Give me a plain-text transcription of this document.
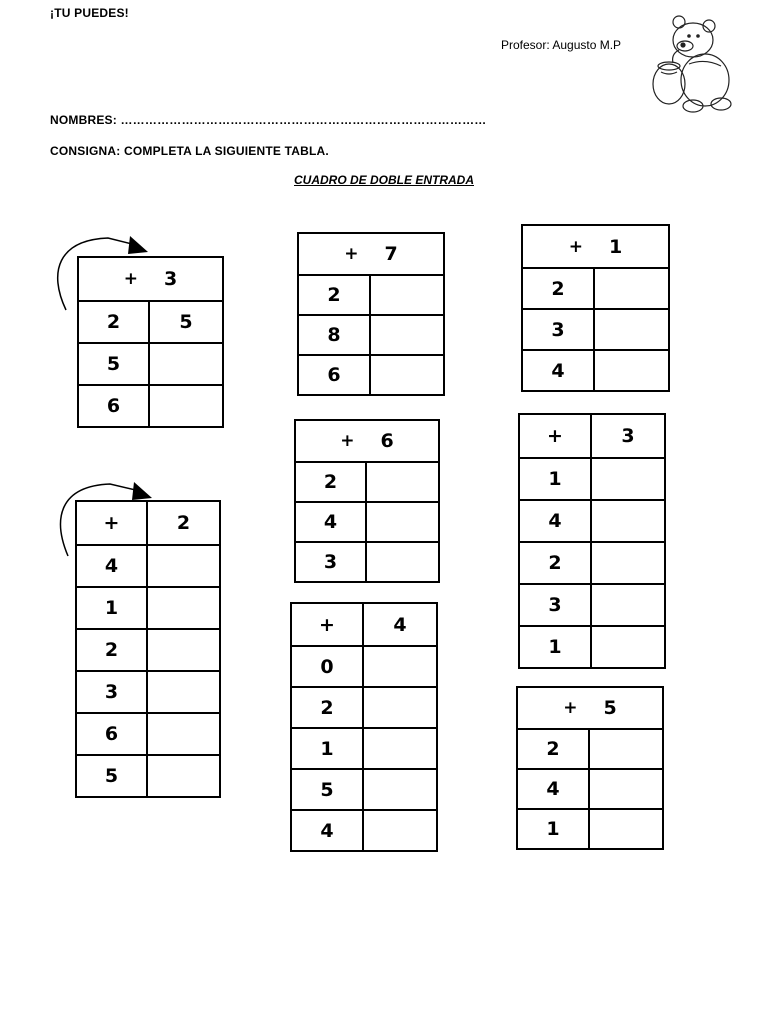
¡TU PUEDES!
Profesor: Augusto M.P
NOMBRES: ………………………………………………………………………………
CONSIGNA: COMPLETA LA SIGUIENTE TABLA.
CUADRO DE DOBLE ENTRADA
+ 3
2	5
5
6
+	2
4
1
2
3
6
5
+ 7
2
8
6
+ 6
2
4
3
+	4
0
2
1
5
4
+ 1
2
3
4
+	3
1
4
2
3
1
+ 5
2
4
1
